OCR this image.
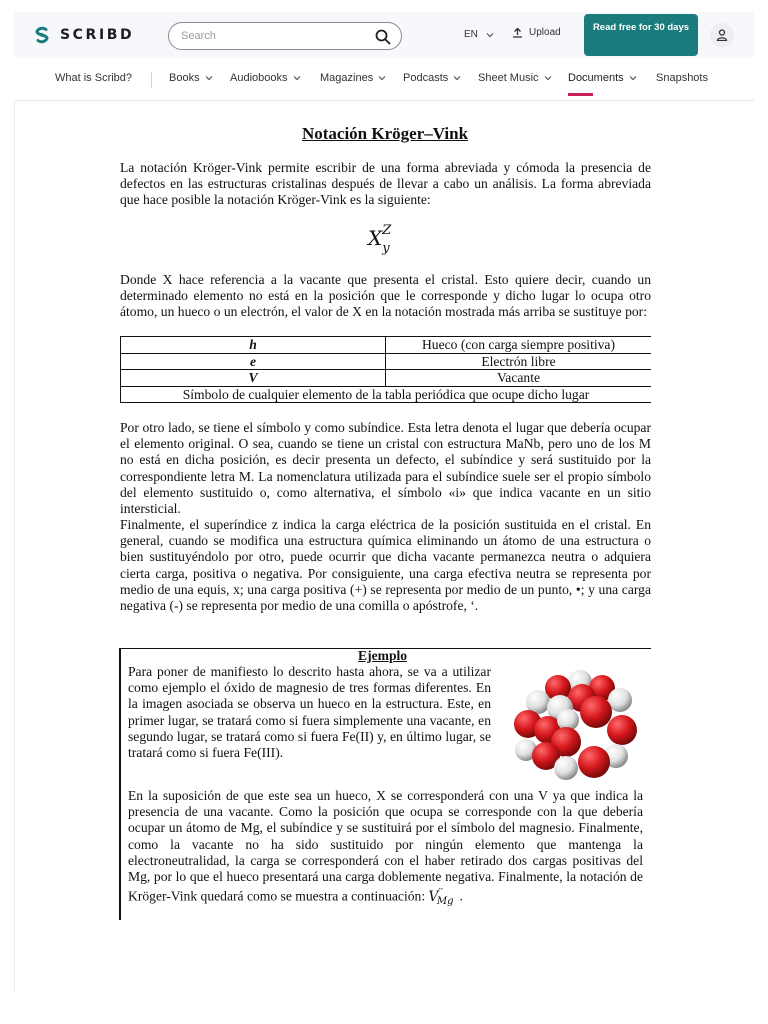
SCRIBD
Search	EN	Upload	Read free for 30 days
What is Scribd?	Books	Audiobooks	Magazines	Podcasts	Sheet Music	Documents	Snapshots
Notación Kröger–Vink

La notación Kröger-Vink permite escribir de una forma abreviada y cómoda la presencia de defectos en las estructuras cristalinas después de llevar a cabo un análisis. La forma abreviada que hace posible la notación Kröger-Vink es la siguiente:

$X^Z_y$

Donde X hace referencia a la vacante que presenta el cristal. Esto quiere decir, cuando un determinado elemento no está en la posición que le corresponde y dicho lugar lo ocupa otro átomo, un hueco o un electrón, el valor de X en la notación mostrada más arriba se sustituye por:

h	Hueco (con carga siempre positiva)
e	Electrón libre
V	Vacante
Símbolo de cualquier elemento de la tabla periódica que ocupe dicho lugar	

Por otro lado, se tiene el símbolo y como subíndice. Esta letra denota el lugar que debería ocupar el elemento original. O sea, cuando se tiene un cristal con estructura MaNb, pero uno de los M no está en dicha posición, es decir presenta un defecto, el subíndice y será sustituido por la correspondiente letra M. La nomenclatura utilizada para el subíndice suele ser el propio símbolo del elemento sustituido o, como alternativa, el símbolo «i» que indica vacante en un sitio intersticial.

Finalmente, el superíndice z indica la carga eléctrica de la posición sustituida en el cristal. En general, cuando se modifica una estructura química eliminando un átomo de una estructura o bien sustituyéndolo por otro, puede ocurrir que dicha vacante permanezca neutra o adquiera cierta carga, positiva o negativa. Por consiguiente, una carga efectiva neutra se representa por medio de una equis, x; una carga positiva (+) se representa por medio de un punto, •; y una carga negativa (-) se representa por medio de una comilla o apóstrofe, ‘.

Ejemplo

Para poner de manifiesto lo descrito hasta ahora, se va a utilizar como ejemplo el óxido de magnesio de tres formas diferentes. En la imagen asociada se observa un hueco en la estructura. Este, en primer lugar, se tratará como si fuera simplemente una vacante, en segundo lugar, se tratará como si fuera Fe(II) y, en último lugar, se tratará como si fuera Fe(III).

En la suposición de que este sea un hueco, X se corresponderá con una V ya que indica la presencia de una vacante. Como la posición que ocupa se corresponde con la que debería ocupar un átomo de Mg, el subíndice y se sustituirá por el símbolo del magnesio. Finalmente, como la vacante no ha sido sustituido por ningún elemento que mantenga la electroneutralidad, la carga se corresponderá con el haber retirado dos cargas positivas del Mg, por lo que el hueco presentará una carga doblemente negativa. Finalmente, la notación de Kröger-Vink quedará como se muestra a continuación: $V''_{Mg}$ .
